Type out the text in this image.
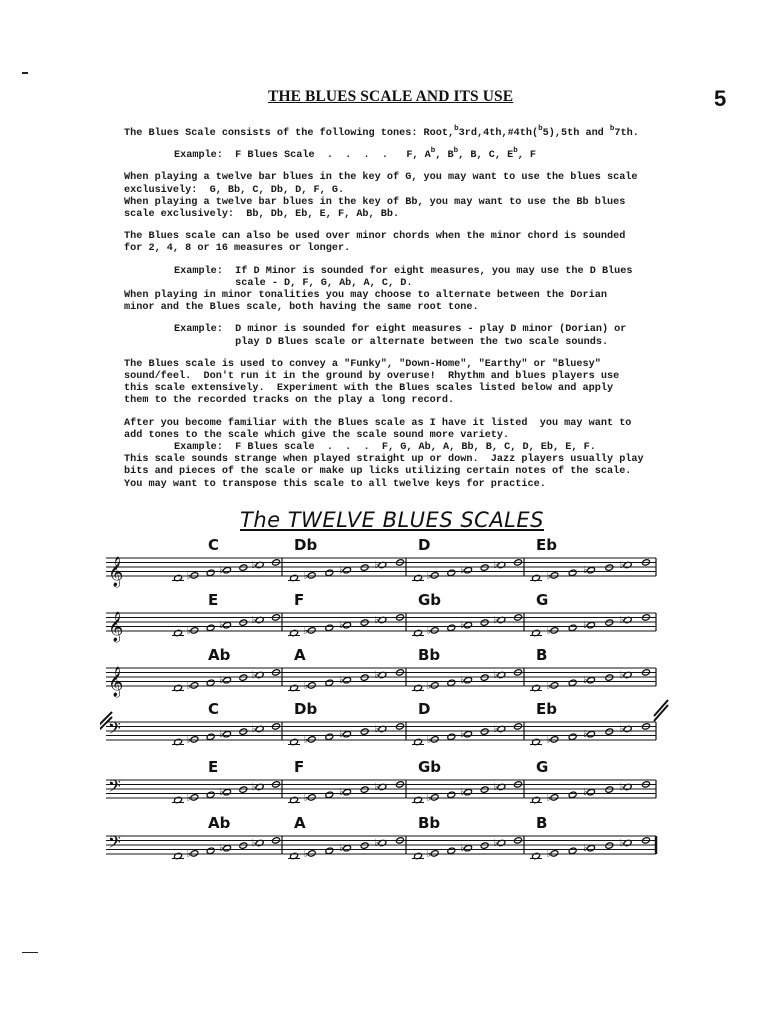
THE BLUES SCALE AND ITS USE	5

The Blues Scale consists of the following tones: Root,$^b$3rd,4th,#4th($^b$5),5th and $^b$7th.

Example:  F Blues Scale  .  .  .  .   F, $A^b$, $B^b$, B, C, $E^b$, F

When playing a twelve bar blues in the key of G, you may want to use the blues scale
exclusively:  G, Bb, C, Db, D, F, G.
When playing a twelve bar blues in the key of Bb, you may want to use the Bb blues
scale exclusively:  Bb, Db, Eb, E, F, Ab, Bb.

The Blues scale can also be used over minor chords when the minor chord is sounded
for 2, 4, 8 or 16 measures or longer.

Example:  If D Minor is sounded for eight measures, you may use the D Blues
scale - D, F, G, Ab, A, C, D.

When playing in minor tonalities you may choose to alternate between the Dorian
minor and the Blues scale, both having the same root tone.

Example:  D minor is sounded for eight measures - play D minor (Dorian) or
play D Blues scale or alternate between the two scale sounds.

The Blues scale is used to convey a "Funky", "Down-Home", "Earthy" or "Bluesy"
sound/feel.  Don't run it in the ground by overuse!  Rhythm and blues players use
this scale extensively.  Experiment with the Blues scales listed below and apply
them to the recorded tracks on the play a long record.

After you become familiar with the Blues scale as I have it listed  you may want to
add tones to the scale which give the scale sound more variety.

Example:  F Blues scale  .  .  .  F, G, Ab, A, Bb, B, C, D, Eb, E, F.

This scale sounds strange when played straight up or down.  Jazz players usually play
bits and pieces of the scale or make up licks utilizing certain notes of the scale.
You may want to transpose this scale to all twelve keys for practice.

The TWELVE BLUES SCALES
𝄞
C
♭	♭	♭
Db
♭	♭	♭
D
♭	♭	♭
Eb
♭	♭	♭
𝄞
E
♭	♭	♭
F
♭	♭	♭
Gb
♭	♭	♭
G
♭	♭	♭
𝄞
Ab
♭	♭	♭
A
♭	♭	♭
Bb
♭	♭	♭
B
♭	♭	♭
𝄢
C
♭	♭	♭
Db
♭	♭	♭
D
♭	♭	♭
Eb
♭	♭	♭
𝄢
E
♭	♭	♭
F
♭	♭	♭
Gb
♭	♭	♭
G
♭	♭	♭
𝄢
Ab
♭	♭	♭
A
♭	♭	♭
Bb
♭	♭	♭
B
♭	♭	♭
